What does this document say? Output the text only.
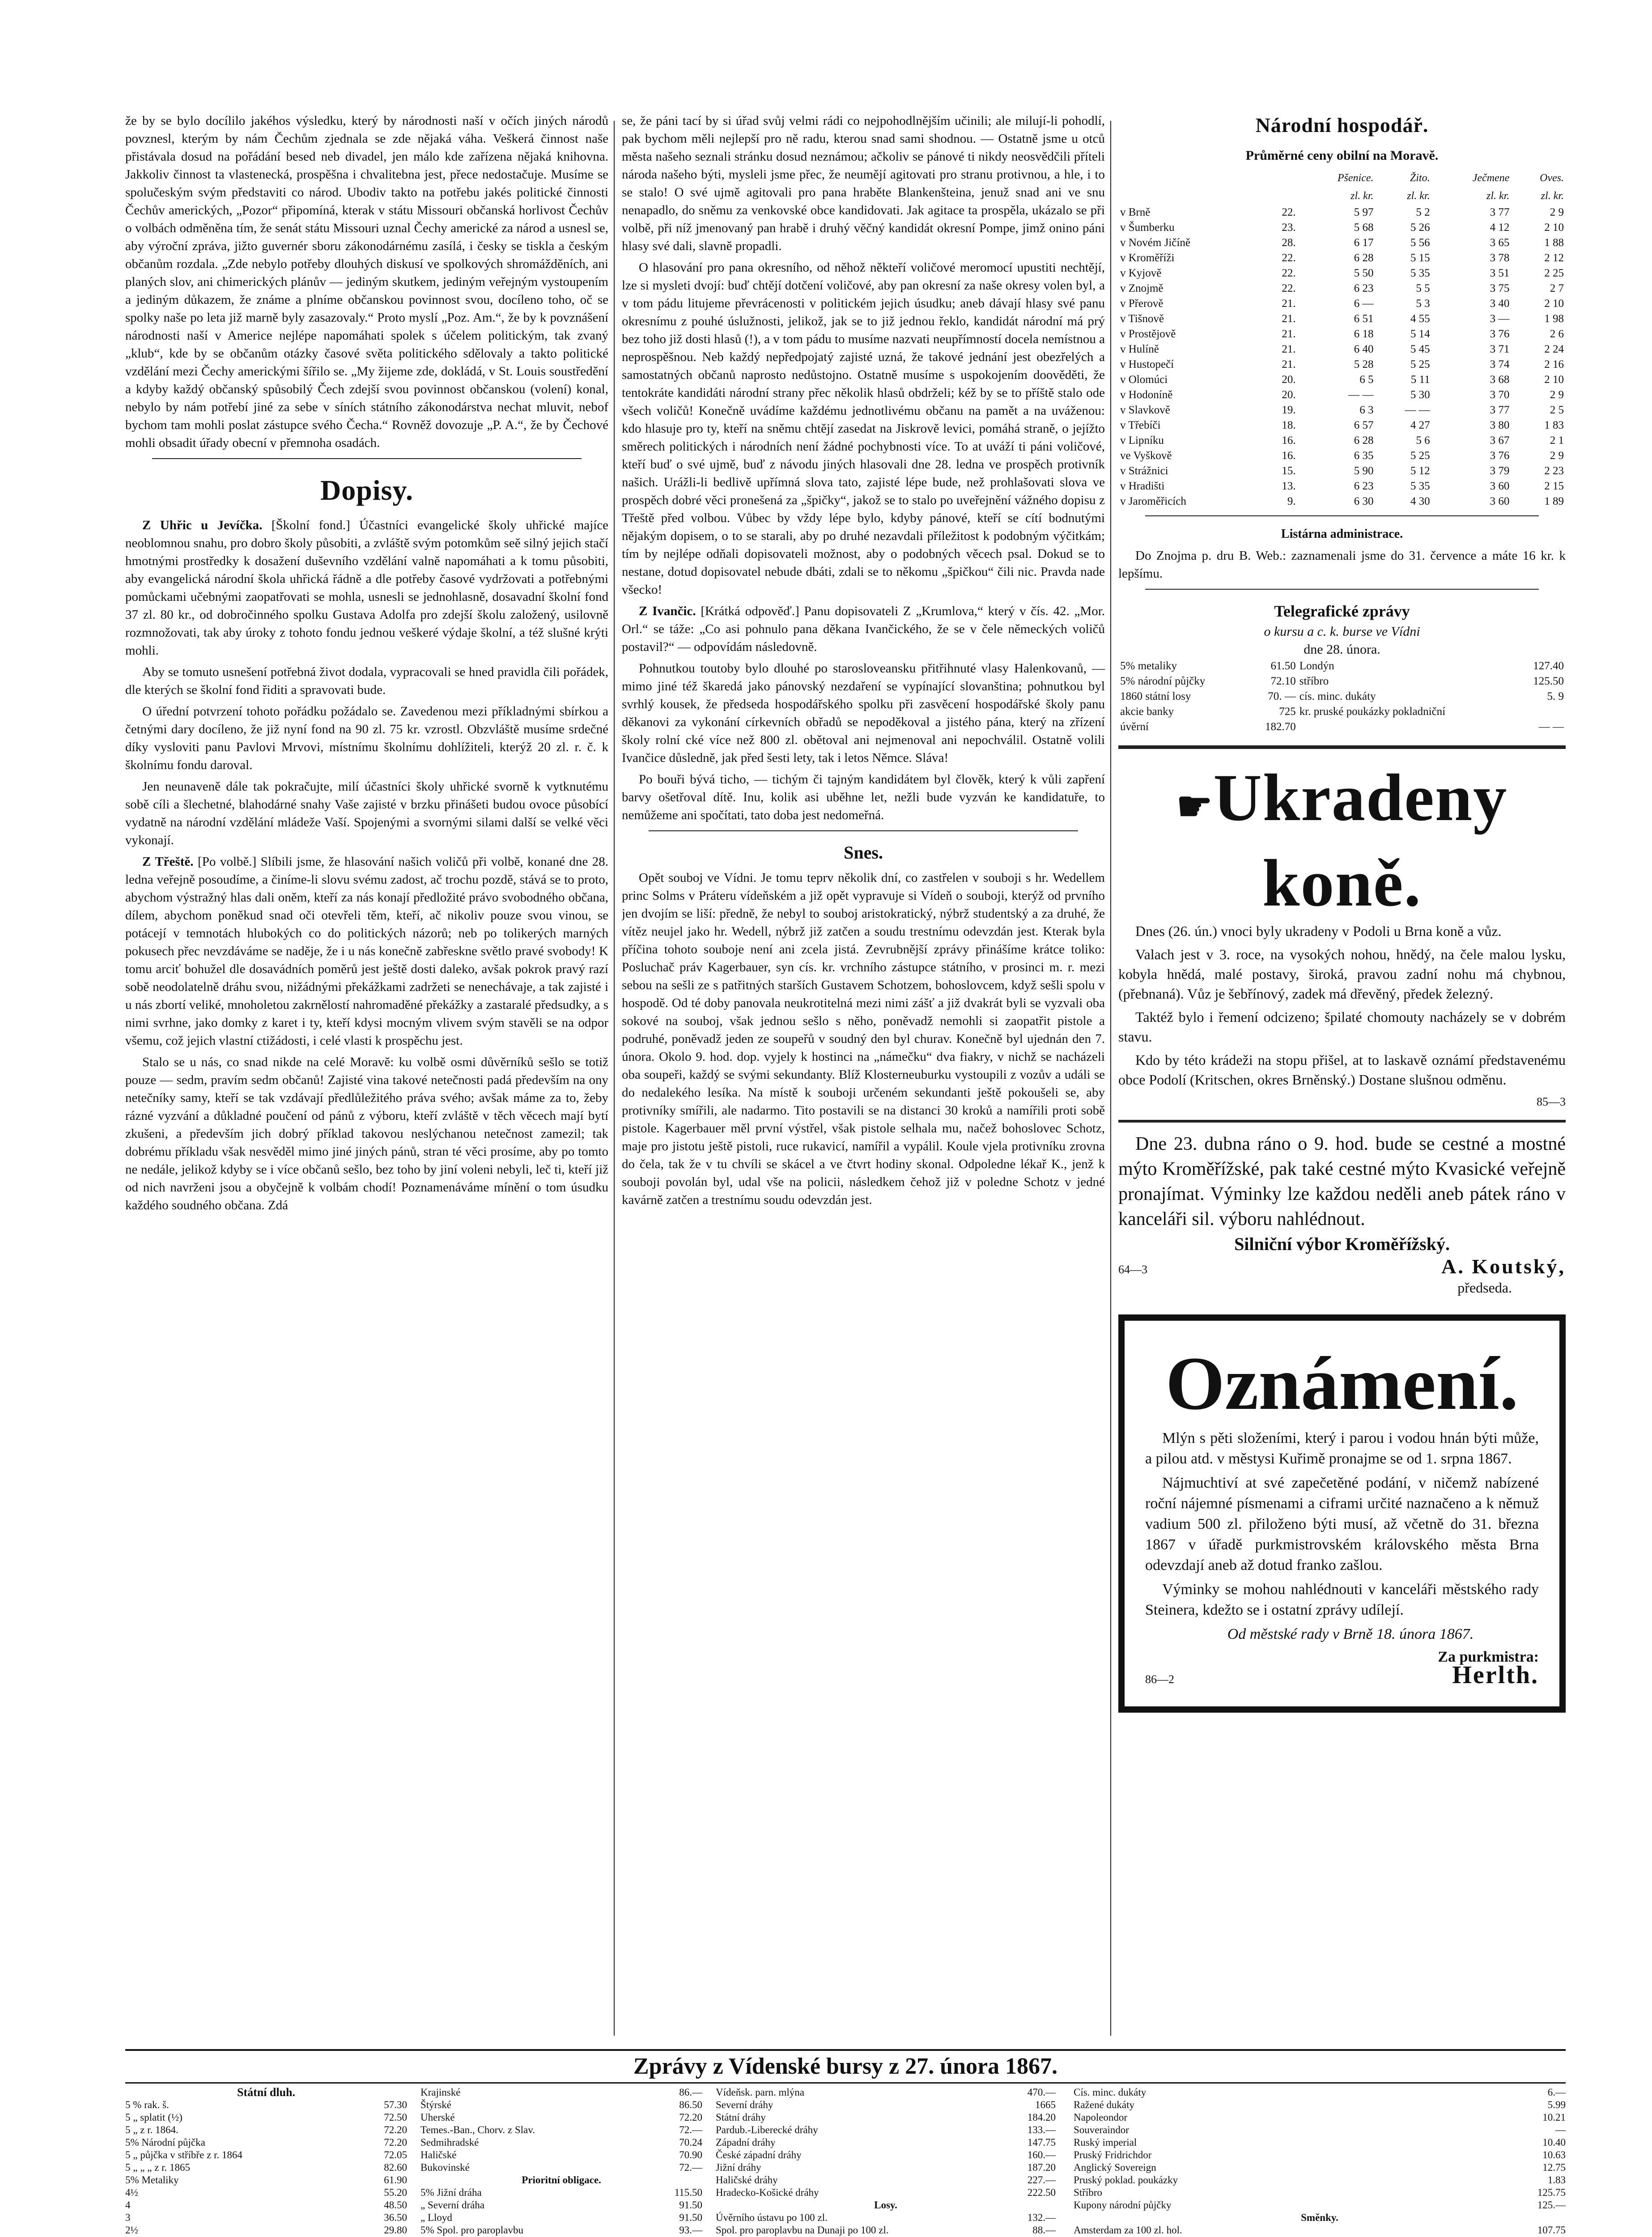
že by se bylo docílilo jakéhos výsledku, který by národnosti naší v očích jiných národů povznesl, kterým by nám Čechům zjednala se zde nějaká váha. Veškerá činnost naše přistávala dosud na pořádání besed neb divadel, jen málo kde zařízena nějaká knihovna. Jakkoliv činnost ta vlastenecká, prospěšna i chvalitebna jest, přece nedostačuje. Musíme se spolučeským svým představiti co národ. Ubodiv takto na potřebu jakés politické činnosti Čechův amerických, „Pozor“ připomíná, kterak v státu Missouri občanská horlivost Čechův o volbách odměněna tím, že senát státu Missouri uznal Čechy americké za národ a usnesl se, aby výroční zpráva, jižto guvernér sboru zákonodárnému zasílá, i česky se tiskla a českým občanům rozdala. „Zde nebylo potřeby dlouhých diskusí ve spolkových shromážděních, ani planých slov, ani chimerických plánův — jediným skutkem, jediným veřejným vystoupením a jediným důkazem, že známe a plníme občanskou povinnost svou, docíleno toho, oč se spolky naše po leta již marně byly zasazovaly.“ Proto myslí „Poz. Am.“, že by k povznášení národnosti naší v Americe nejlépe napomáhati spolek s účelem politickým, tak zvaný „klub“, kde by se občanům otázky časové světa politického sdělovaly a takto politické vzdělání mezi Čechy americkými šířilo se. „My žijeme zde, dokládá, v St. Louis soustředění a kdyby každý občanský spůsobilý Čech zdejší svou povinnost občanskou (volení) konal, nebylo by nám potřebí jiné za sebe v síních státního zákonodárstva nechat mluvit, nebof bychom tam mohli poslat zástupce svého Čecha.“ Rovněž dovozuje „P. A.“, že by Čechové mohli obsadit úřady obecní v přemnoha osadách.

Dopisy.

Z Uhřic u Jevíčka. [Školní fond.] Účastníci evangelické školy uhřické majíce neoblomnou snahu, pro dobro školy působiti, a zvláště svým potomkům seě silný jejich stačí hmotnými prostředky k dosažení duševního vzdělání valně napomáhati a k tomu působiti, aby evangelická národní škola uhřická řádně a dle potřeby časové vydržovati a potřebnými pomůckami učebnými zaopatřovati se mohla, usnesli se jednohlasně, dosavadní školní fond 37 zl. 80 kr., od dobročinného spolku Gustava Adolfa pro zdejší školu založený, usilovně rozmnožovati, tak aby úroky z tohoto fondu jednou veškeré výdaje školní, a též slušné krýti mohli.

Aby se tomuto usnešení potřebná život dodala, vypracovali se hned pravidla čili pořádek, dle kterých se školní fond řiditi a spravovati bude.

O úřední potvrzení tohoto pořádku požádalo se. Zavedenou mezi příkladnými sbírkou a četnými dary docíleno, že již nyní fond na 90 zl. 75 kr. vzrostl. Obzvláště musíme srdečné díky vysloviti panu Pavlovi Mrvovi, místnímu školnímu dohlížiteli, kterýž 20 zl. r. č. k školnímu fondu daroval.

Jen neunaveně dále tak pokračujte, milí účastníci školy uhřické svorně k vytknutému sobě cíli a šlechetné, blahodárné snahy Vaše zajisté v brzku přinášeti budou ovoce působící vydatně na národní vzdělání mládeže Vaší. Spojenými a svornými silami další se velké věci vykonají.

Z Třeště. [Po volbě.] Slíbili jsme, že hlasování našich voličů při volbě, konané dne 28. ledna veřejně posoudíme, a činíme-li slovu svému zadost, ač trochu pozdě, stává se to proto, abychom výstražný hlas dali oněm, kteří za nás konají předložité právo svobodného občana, dílem, abychom poněkud snad oči otevřeli těm, kteří, ač nikoliv pouze svou vinou, se potácejí v temnotách hlubokých co do politických názorů; neb po tolikerých marných pokusech přec nevzdáváme se naděje, že i u nás konečně zabřeskne světlo pravé svobody! K tomu arciť bohužel dle dosavádních poměrů jest ještě dosti daleko, avšak pokrok pravý razí sobě neodolatelně dráhu svou, nižádnými překážkami zadržeti se nenechávaje, a tak zajisté i u nás zbortí veliké, mnoholetou zakrnělostí nahromaděné překážky a zastaralé předsudky, a s nimi svrhne, jako domky z karet i ty, kteří kdysi mocným vlivem svým stavěli se na odpor všemu, což jejich vlastní ctižádosti, i celé vlasti k prospěchu jest.

Stalo se u nás, co snad nikde na celé Moravě: ku volbě osmi důvěrníků sešlo se totiž pouze — sedm, pravím sedm občanů! Zajisté vina takové netečnosti padá především na ony netečníky samy, kteří se tak vzdávají předlůležitého práva svého; avšak máme za to, žeby rázné vyzvání a důkladné poučení od pánů z výboru, kteří zvláště v těch věcech mají bytí zkušeni, a především jich dobrý příklad takovou neslýchanou netečnost zamezil; tak dobrému příkladu však nesvěděl mimo jiné jiných pánů, stran té věci prosíme, aby po tomto ne nedále, jelikož kdyby se i více občanů sešlo, bez toho by jiní voleni nebyli, leč ti, kteří již od nich navrženi jsou a obyčejně k volbám chodí! Poznamenáváme mínění o tom úsudku každého soudného občana. Zdá

se, že páni tací by si úřad svůj velmi rádi co nejpohodlnějším učinili; ale milují-li pohodlí, pak bychom měli nejlepší pro ně radu, kterou snad sami shodnou. — Ostatně jsme u otců města našeho seznali stránku dosud neznámou; ačkoliv se pánové ti nikdy neosvědčili příteli národa našeho býti, mysleli jsme přec, že neumějí agitovati pro stranu protivnou, a hle, i to se stalo! O své ujmě agitovali pro pana hraběte Blankenšteina, jenuž snad ani ve snu nenapadlo, do sněmu za venkovské obce kandidovati. Jak agitace ta prospěla, ukázalo se při volbě, při níž jmenovaný pan hrabě i druhý věčný kandidát okresní Pompe, jimž onino páni hlasy své dali, slavně propadli.

O hlasování pro pana okresního, od něhož někteří voličové meromocí upustiti nechtějí, lze si mysleti dvojí: buď chtějí dotčení voličové, aby pan okresní za naše okresy volen byl, a v tom pádu litujeme převrácenosti v politickém jejich úsudku; aneb dávají hlasy své panu okresnímu z pouhé úslužnosti, jelikož, jak se to již jednou řeklo, kandidát národní má prý bez toho již dosti hlasů (!), a v tom pádu to musíme nazvati neupřímností docela nemístnou a neprospěšnou. Neb každý nepředpojatý zajisté uzná, že takové jednání jest obezřelých a samostatných občanů naprosto nedůstojno. Ostatně musíme s uspokojením doověděti, že tentokráte kandidáti národní strany přec několik hlasů obdrželi; kéž by se to příště stalo ode všech voličů! Konečně uvádíme každému jednotlivému občanu na pamět a na uváženou: kdo hlasuje pro ty, kteří na sněmu chtějí zasedat na Jiskrově levici, pomáhá straně, o jejížto směrech politických i národních není žádné pochybnosti více. To at uváží ti páni voličové, kteří buď o své ujmě, buď z návodu jiných hlasovali dne 28. ledna ve prospěch protivník našich. Urážli-li bedlivě upřímná slova tato, zajisté lépe bude, než prohlašovati slova ve prospěch dobré věci pronešená za „špičky“, jakož se to stalo po uveřejnění vážného dopisu z Třeště před volbou. Vůbec by vždy lépe bylo, kdyby pánové, kteří se cítí bodnutými nějakým dopisem, o to se starali, aby po druhé nezavdali příležitost k podobným výčitkám; tím by nejlépe odňali dopisovateli možnost, aby o podobných věcech psal. Dokud se to nestane, dotud dopisovatel nebude dbáti, zdali se to někomu „špičkou“ čili nic. Pravda nade všecko!

Z Ivančic. [Krátká odpověď.] Panu dopisovateli Z „Krumlova,“ který v čís. 42. „Mor. Orl.“ se táže: „Co asi pohnulo pana děkana Ivančického, že se v čele německých voličů postavil?“ — odpovídám následovně.

Pohnutkou toutoby bylo dlouhé po starosloveansku přitřihnuté vlasy Halenkovanů, — mimo jiné též škaredá jako pánovský nezdaření se vypínající slovanština; pohnutkou byl svrhlý kousek, že předseda hospodářského spolku při zasvěcení hospodářské školy panu děkanovi za vykonání církevních obřadů se nepoděkoval a jistého pána, který na zřízení školy rolní cké více než 800 zl. obětoval ani nejmenoval ani nepochválil. Ostatně volili Ivančice důsledně, jak před šesti lety, tak i letos Němce. Sláva!

Po bouři bývá ticho, — tichým či tajným kandidátem byl člověk, který k vůli zapření barvy ošetřoval dítě. Inu, kolik asi uběhne let, nežli bude vyzván ke kandidatuře, to nemůžeme ani spočítati, tato doba jest nedomeřná.

Snes.

Opět souboj ve Vídni. Je tomu teprv několik dní, co zastřelen v souboji s hr. Wedellem princ Solms v Práteru vídeňském a již opět vypravuje si Vídeň o souboji, kterýž od prvního jen dvojím se liší: předně, že nebyl to souboj aristokratický, nýbrž studentský a za druhé, že vítěz neujel jako hr. Wedell, nýbrž již zatčen a soudu trestnímu odevzdán jest. Kterak byla příčina tohoto souboje není ani zcela jistá. Zevrubnější zprávy přinášíme krátce toliko: Posluchač práv Kagerbauer, syn cís. kr. vrchního zástupce státního, v prosinci m. r. mezi sebou na sešli ze s patřitných starších Gustavem Schotzem, bohoslovcem, když sešli spolu v hospodě. Od té doby panovala neukrotitelná mezi nimi zášť a již dvakrát byli se vyzvali oba sokové na souboj, však jednou sešlo s něho, poněvadž nemohli si zaopatřit pistole a podruhé, poněvadž jeden ze soupeřů v soudný den byl churav. Konečně byl ujednán den 7. února. Okolo 9. hod. dop. vyjely k hostinci na „námečku“ dva fiakry, v nichž se nacházeli oba soupeři, každý se svými sekundanty. Blíž Klosterneuburku vystoupili z vozův a událi se do nedalekého lesíka. Na místě k souboji určeném sekundanti ještě pokoušeli se, aby protivníky smířili, ale nadarmo. Tito postavili se na distanci 30 kroků a namířili proti sobě pistole. Kagerbauer měl první výstřel, však pistole selhala mu, načež bohoslovec Schotz, maje pro jistotu ještě pistoli, ruce rukavicí, namířil a vypálil. Koule vjela protivníku zrovna do čela, tak že v tu chvíli se skácel a ve čtvrt hodiny skonal. Odpoledne lékař K., jenž k souboji povolán byl, udal vše na policii, následkem čehož již v poledne Schotz v jedné kavárně zatčen a trestnímu soudu odevzdán jest.

Národní hospodář.
Průměrné ceny obilní na Moravě.
		Pšenice.	Žito.	Ječmene	Oves.
		zl. kr.	zl. kr.	zl. kr.	zl. kr.
v Brně	22.	5 97	5 2	3 77	2 9
v Šumberku	23.	5 68	5 26	4 12	2 10
v Novém Jičíně	28.	6 17	5 56	3 65	1 88
v Kroměříži	22.	6 28	5 15	3 78	2 12
v Kyjově	22.	5 50	5 35	3 51	2 25
v Znojmě	22.	6 23	5 5	3 75	2 7
v Přerově	21.	6 —	5 3	3 40	2 10
v Tišnově	21.	6 51	4 55	3 —	1 98
v Prostějově	21.	6 18	5 14	3 76	2 6
v Hulíně	21.	6 40	5 45	3 71	2 24
v Hustopečí	21.	5 28	5 25	3 74	2 16
v Olomúci	20.	6 5	5 11	3 68	2 10
v Hodoníně	20.	— —	5 30	3 70	2 9
v Slavkově	19.	6 3	— —	3 77	2 5
v Třebíči	18.	6 57	4 27	3 80	1 83
v Lipníku	16.	6 28	5 6	3 67	2 1
ve Vyškově	16.	6 35	5 25	3 76	2 9
v Strážnici	15.	5 90	5 12	3 79	2 23
v Hradišti	13.	6 23	5 35	3 60	2 15
v Jaroměřicích	9.	6 30	4 30	3 60	1 89
Listárna administrace.

Do Znojma p. dru B. Web.: zaznamenali jsme do 31. července a máte 16 kr. k lepšímu.

Telegrafické zprávy
o kursu a c. k. burse ve Vídni
dne 28. února.
5% metaliky	61.50	Londýn	127.40
5% národní půjčky	72.10	stříbro	125.50
1860 státní losy	70. —	cís. minc. dukáty	5. 9
akcie banky	725	kr. pruské poukázky pokladniční	
úvěrní	182.70		— —
☛Ukradeny koně.

Dnes (26. ún.) vnoci byly ukradeny v Podoli u Brna koně a vůz.

Valach jest v 3. roce, na vysokých nohou, hnědý, na čele malou lysku, kobyla hnědá, malé postavy, široká, pravou zadní nohu má chybnou, (přebnaná). Vůz je šebřínový, zadek má dřevěný, předek železný.

Taktéž bylo i řemení odcizeno; špilaté chomouty nacházely se v dobrém stavu.

Kdo by této krádeži na stopu přišel, at to laskavě oznámí představenému obce Podolí (Kritschen, okres Brněnský.) Dostane slušnou odměnu.

85—3

Dne 23. dubna ráno o 9. hod. bude se cestné a mostné mýto Kroměřížské, pak také cestné mýto Kvasické veřejně pronajímat. Výminky lze každou neděli aneb pátek ráno v kanceláři sil. výboru nahlédnout.

Silniční výbor Kroměřížský.
64—3	A. Koutský,
předseda.
Oznámení.

Mlýn s pěti složeními, který i parou i vodou hnán býti může, a pilou atd. v městysi Kuřimě pronajme se od 1. srpna 1867.

Nájmuchtiví at své zapečetěné podání, v ničemž nabízené roční nájemné písmenami a ciframi určité naznačeno a k němuž vadium 500 zl. přiloženo býti musí, až včetně do 31. března 1867 v úřadě purkmistrovském královského města Brna odevzdají aneb až dotud franko zašlou.

Výminky se mohou nahlédnouti v kanceláři městského rady Steinera, kdežto se i ostatní zprávy udílejí.

Od městské rady v Brně 18. února 1867.

Za purkmistra:
86—2	Herlth.
Zprávy z Vídenské bursy z 27. února 1867.
Státní dluh.
5 % rak. š.	57.30
5 „ splatit (½)	72.50
5 „ z r. 1864.	72.20
5% Národní půjčka	72.20
5 „ půjčka v stříbře z r. 1864	72.05
5 „ „ „ z r. 1865	82.60
5% Metaliky	61.90
4½	55.20
4	48.50
3	36.50
2½	29.80
Krajinské	86.—
Štýrské	86.50
Uherské	72.20
Temes.-Ban., Chorv. z Slav.	72.—
Sedmihradské	70.24
Haličské	70.90
Bukovinské	72.—
Prioritní obligace.
5% Jižní dráha	115.50
„ Severní dráha	91.50
„ Lloyd	91.50
5% Spol. pro paroplavbu	93.—
Vídeňsk. parn. mlýna	470.—
Severní dráhy	1665
Státní dráhy	184.20
Pardub.-Liberecké dráhy	133.—
Západní dráhy	147.75
České západní dráhy	160.—
Jižní dráhy	187.20
Haličské dráhy	227.—
Hradecko-Košické dráhy	222.50
Losy.
Úvěrního ústavu po 100 zl.	132.—
Spol. pro paroplavbu na Dunaji po 100 zl.	88.—
Cís. minc. dukáty	6.—
Ražené dukáty	5.99
Napoleondor	10.21
Souveraindor	—
Ruský imperial	10.40
Pruský Fridrichdor	10.63
Anglický Sovereign	12.75
Pruský poklad. poukázky	1.83
Stříbro	125.75
Kupony národní půjčky	125.—
Směnky.
Amsterdam za 100 zl. hol.	107.75
